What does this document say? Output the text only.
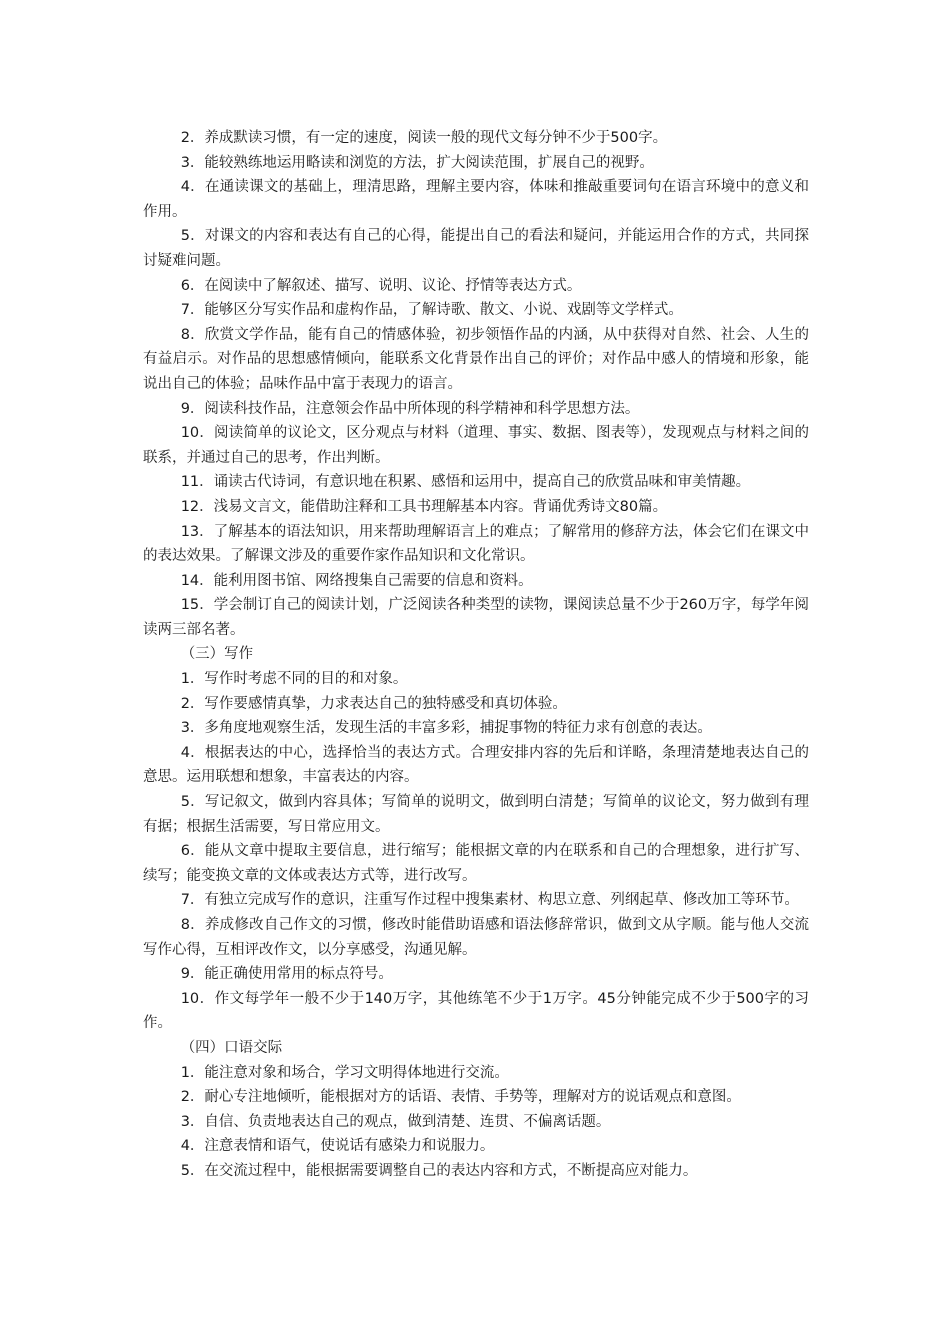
2．养成默读习惯，有一定的速度，阅读一般的现代文每分钟不少于500字。

3．能较熟练地运用略读和浏览的方法，扩大阅读范围，扩展自己的视野。

4．在通读课文的基础上，理清思路，理解主要内容，体味和推敲重要词句在语言环境中的意义和作用。

5．对课文的内容和表达有自己的心得，能提出自己的看法和疑问，并能运用合作的方式，共同探讨疑难问题。

6．在阅读中了解叙述、描写、说明、议论、抒情等表达方式。

7．能够区分写实作品和虚构作品，了解诗歌、散文、小说、戏剧等文学样式。

8．欣赏文学作品，能有自己的情感体验，初步领悟作品的内涵，从中获得对自然、社会、人生的有益启示。对作品的思想感情倾向，能联系文化背景作出自己的评价；对作品中感人的情境和形象，能说出自己的体验；品味作品中富于表现力的语言。

9．阅读科技作品，注意领会作品中所体现的科学精神和科学思想方法。

10．阅读简单的议论文，区分观点与材料（道理、事实、数据、图表等），发现观点与材料之间的联系，并通过自己的思考，作出判断。

11．诵读古代诗词，有意识地在积累、感悟和运用中，提高自己的欣赏品味和审美情趣。

12．浅易文言文，能借助注释和工具书理解基本内容。背诵优秀诗文80篇。

13．了解基本的语法知识，用来帮助理解语言上的难点；了解常用的修辞方法，体会它们在课文中的表达效果。了解课文涉及的重要作家作品知识和文化常识。

14．能利用图书馆、网络搜集自己需要的信息和资料。

15．学会制订自己的阅读计划，广泛阅读各种类型的读物，课阅读总量不少于260万字，每学年阅读两三部名著。

（三）写作

1．写作时考虑不同的目的和对象。

2．写作要感情真挚，力求表达自己的独特感受和真切体验。

3．多角度地观察生活，发现生活的丰富多彩，捕捉事物的特征力求有创意的表达。

4．根据表达的中心，选择恰当的表达方式。合理安排内容的先后和详略，条理清楚地表达自己的意思。运用联想和想象，丰富表达的内容。

5．写记叙文，做到内容具体；写简单的说明文，做到明白清楚；写简单的议论文，努力做到有理有据；根据生活需要，写日常应用文。

6．能从文章中提取主要信息，进行缩写；能根据文章的内在联系和自己的合理想象，进行扩写、续写；能变换文章的文体或表达方式等，进行改写。

7．有独立完成写作的意识，注重写作过程中搜集素材、构思立意、列纲起草、修改加工等环节。

8．养成修改自己作文的习惯，修改时能借助语感和语法修辞常识，做到文从字顺。能与他人交流写作心得，互相评改作文，以分享感受，沟通见解。

9．能正确使用常用的标点符号。

10．作文每学年一般不少于140万字，其他练笔不少于1万字。45分钟能完成不少于500字的习作。

（四）口语交际

1．能注意对象和场合，学习文明得体地进行交流。

2．耐心专注地倾听，能根据对方的话语、表情、手势等，理解对方的说话观点和意图。

3．自信、负责地表达自己的观点，做到清楚、连贯、不偏离话题。

4．注意表情和语气，使说话有感染力和说服力。

5．在交流过程中，能根据需要调整自己的表达内容和方式，不断提高应对能力。
